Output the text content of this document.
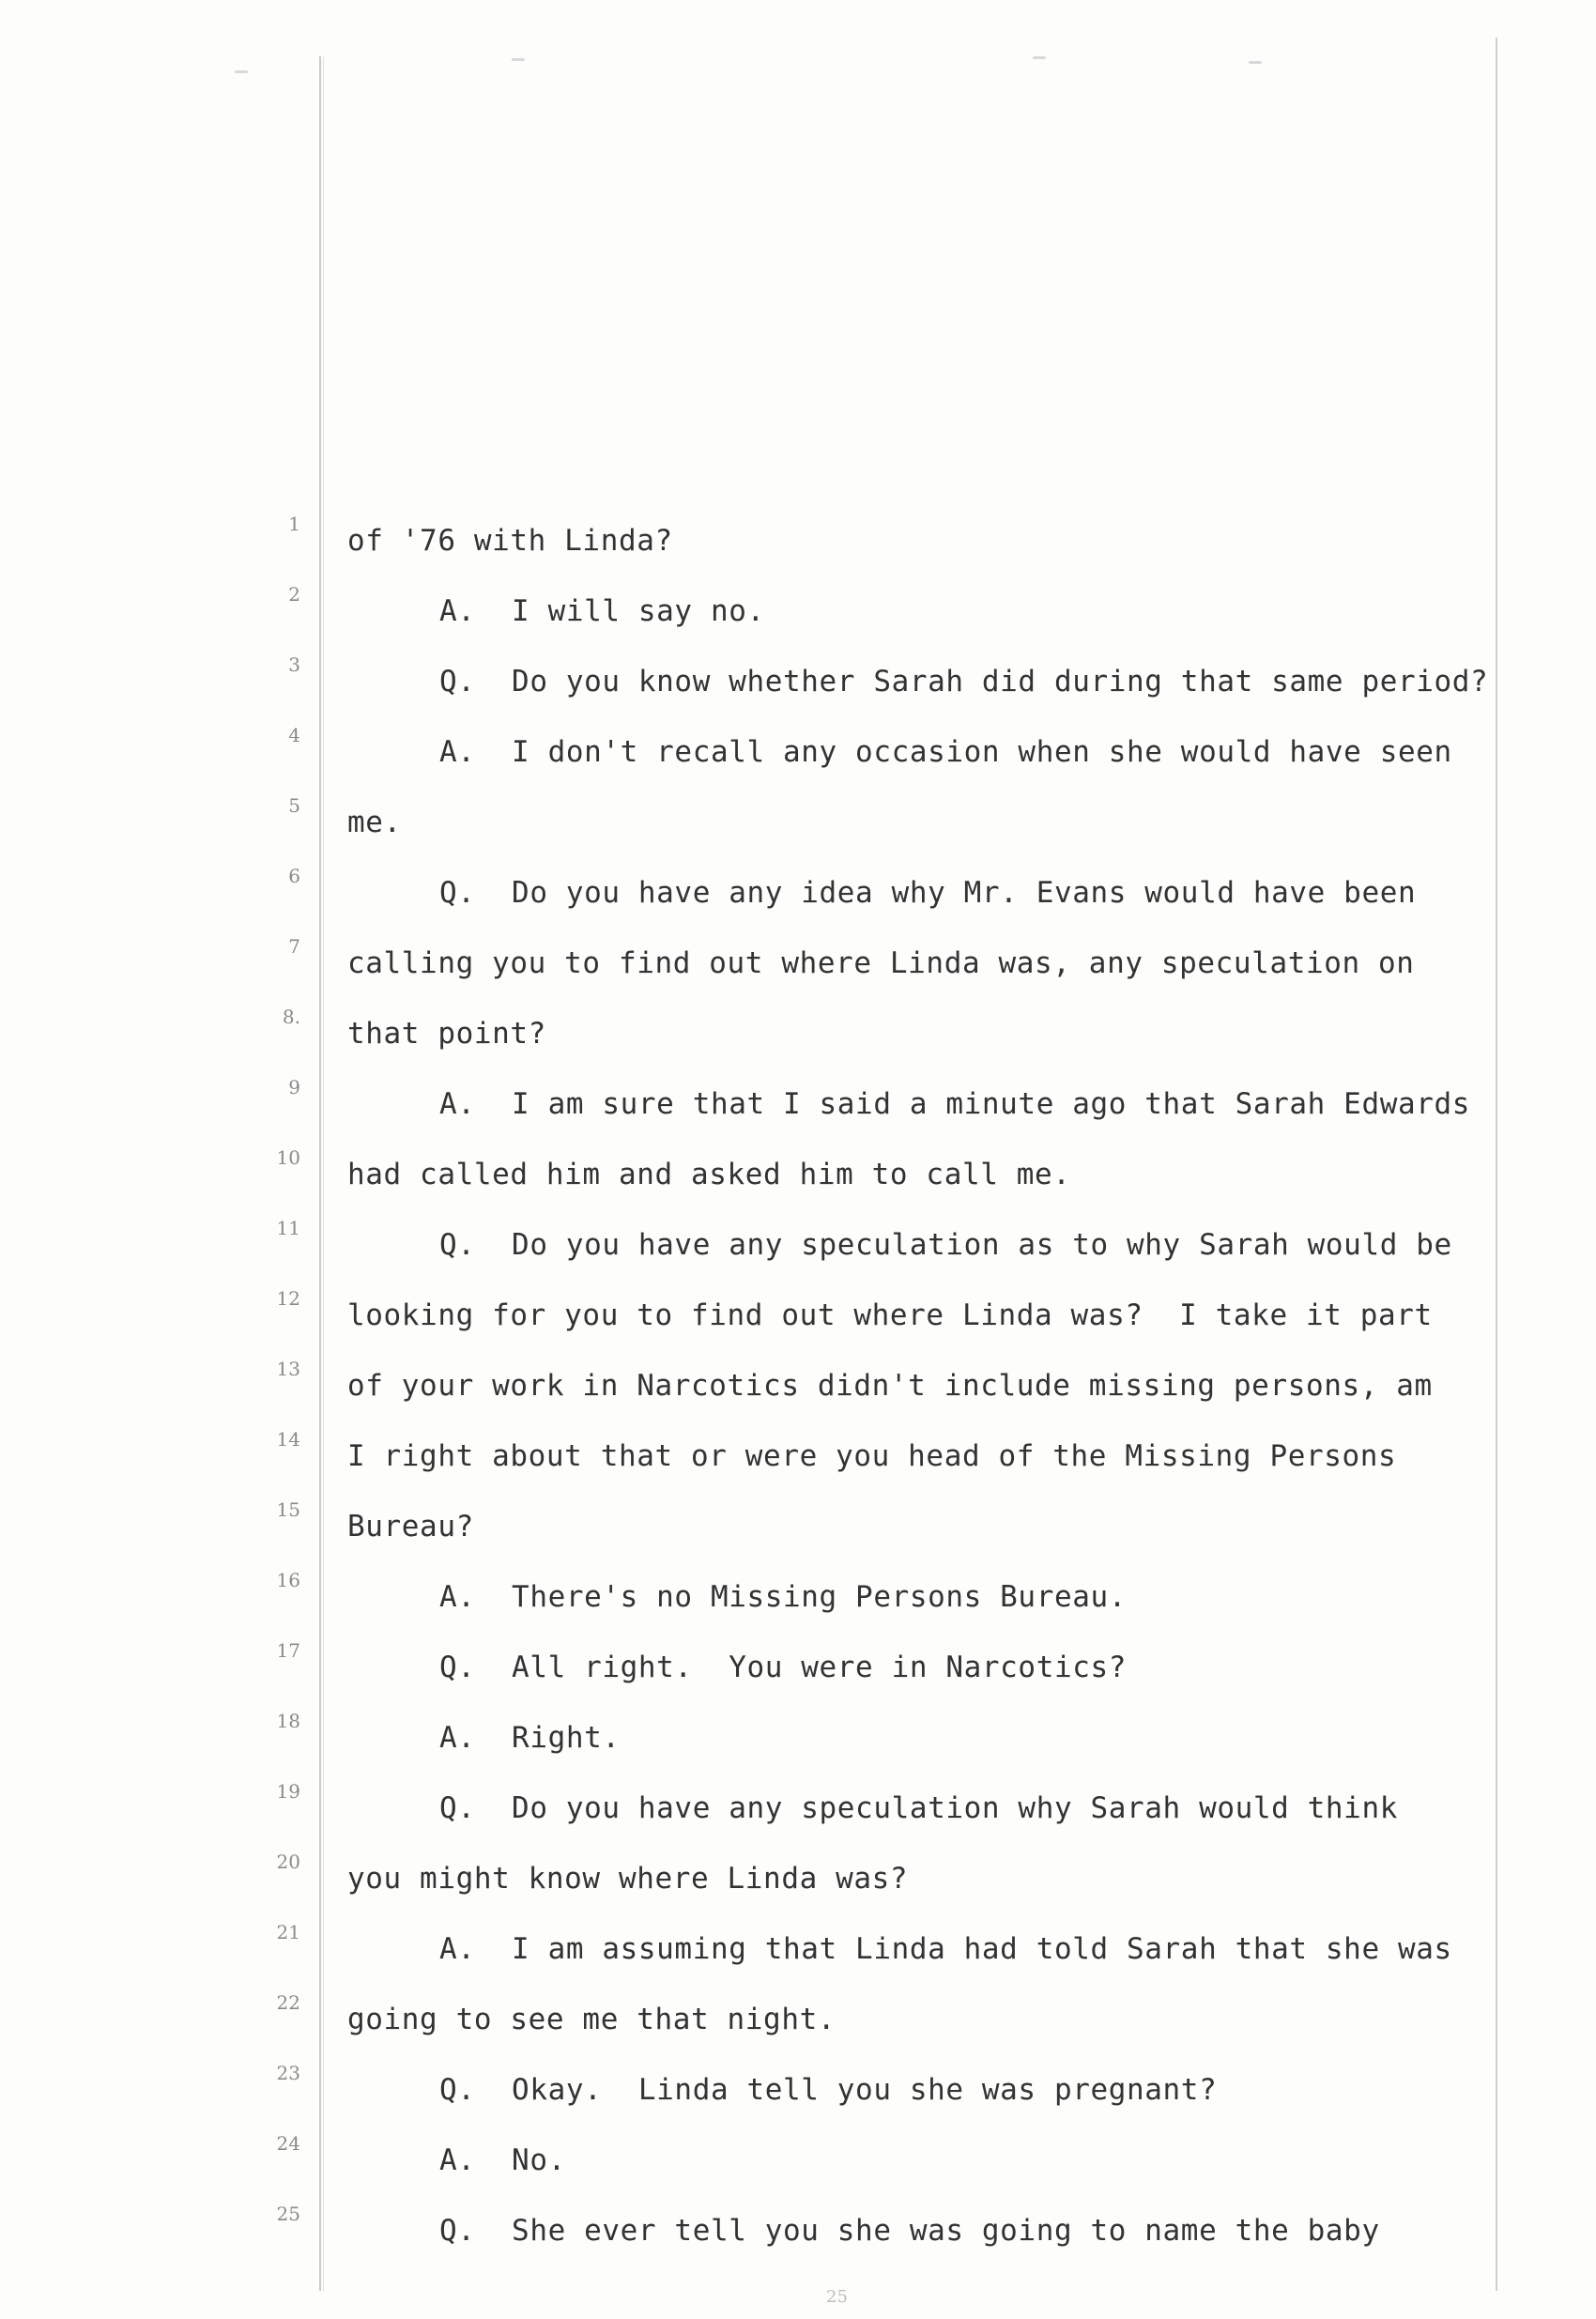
1 of '76 with Linda?
2	A.  I will say no.
3	Q.  Do you know whether Sarah did during that same period?
4	A.  I don't recall any occasion when she would have seen
5 me.
6	Q.  Do you have any idea why Mr. Evans would have been
7 calling you to find out where Linda was, any speculation on
8. that point?
9	A.  I am sure that I said a minute ago that Sarah Edwards
10 had called him and asked him to call me.
11	Q.  Do you have any speculation as to why Sarah would be
12 looking for you to find out where Linda was?  I take it part
13 of your work in Narcotics didn't include missing persons, am
14 I right about that or were you head of the Missing Persons
15 Bureau?
16	A.  There's no Missing Persons Bureau.
17	Q.  All right.  You were in Narcotics?
18	A.  Right.
19	Q.  Do you have any speculation why Sarah would think
20 you might know where Linda was?
21	A.  I am assuming that Linda had told Sarah that she was
22 going to see me that night.
23	Q.  Okay.  Linda tell you she was pregnant?
24	A.  No.
25	Q.  She ever tell you she was going to name the baby
25
